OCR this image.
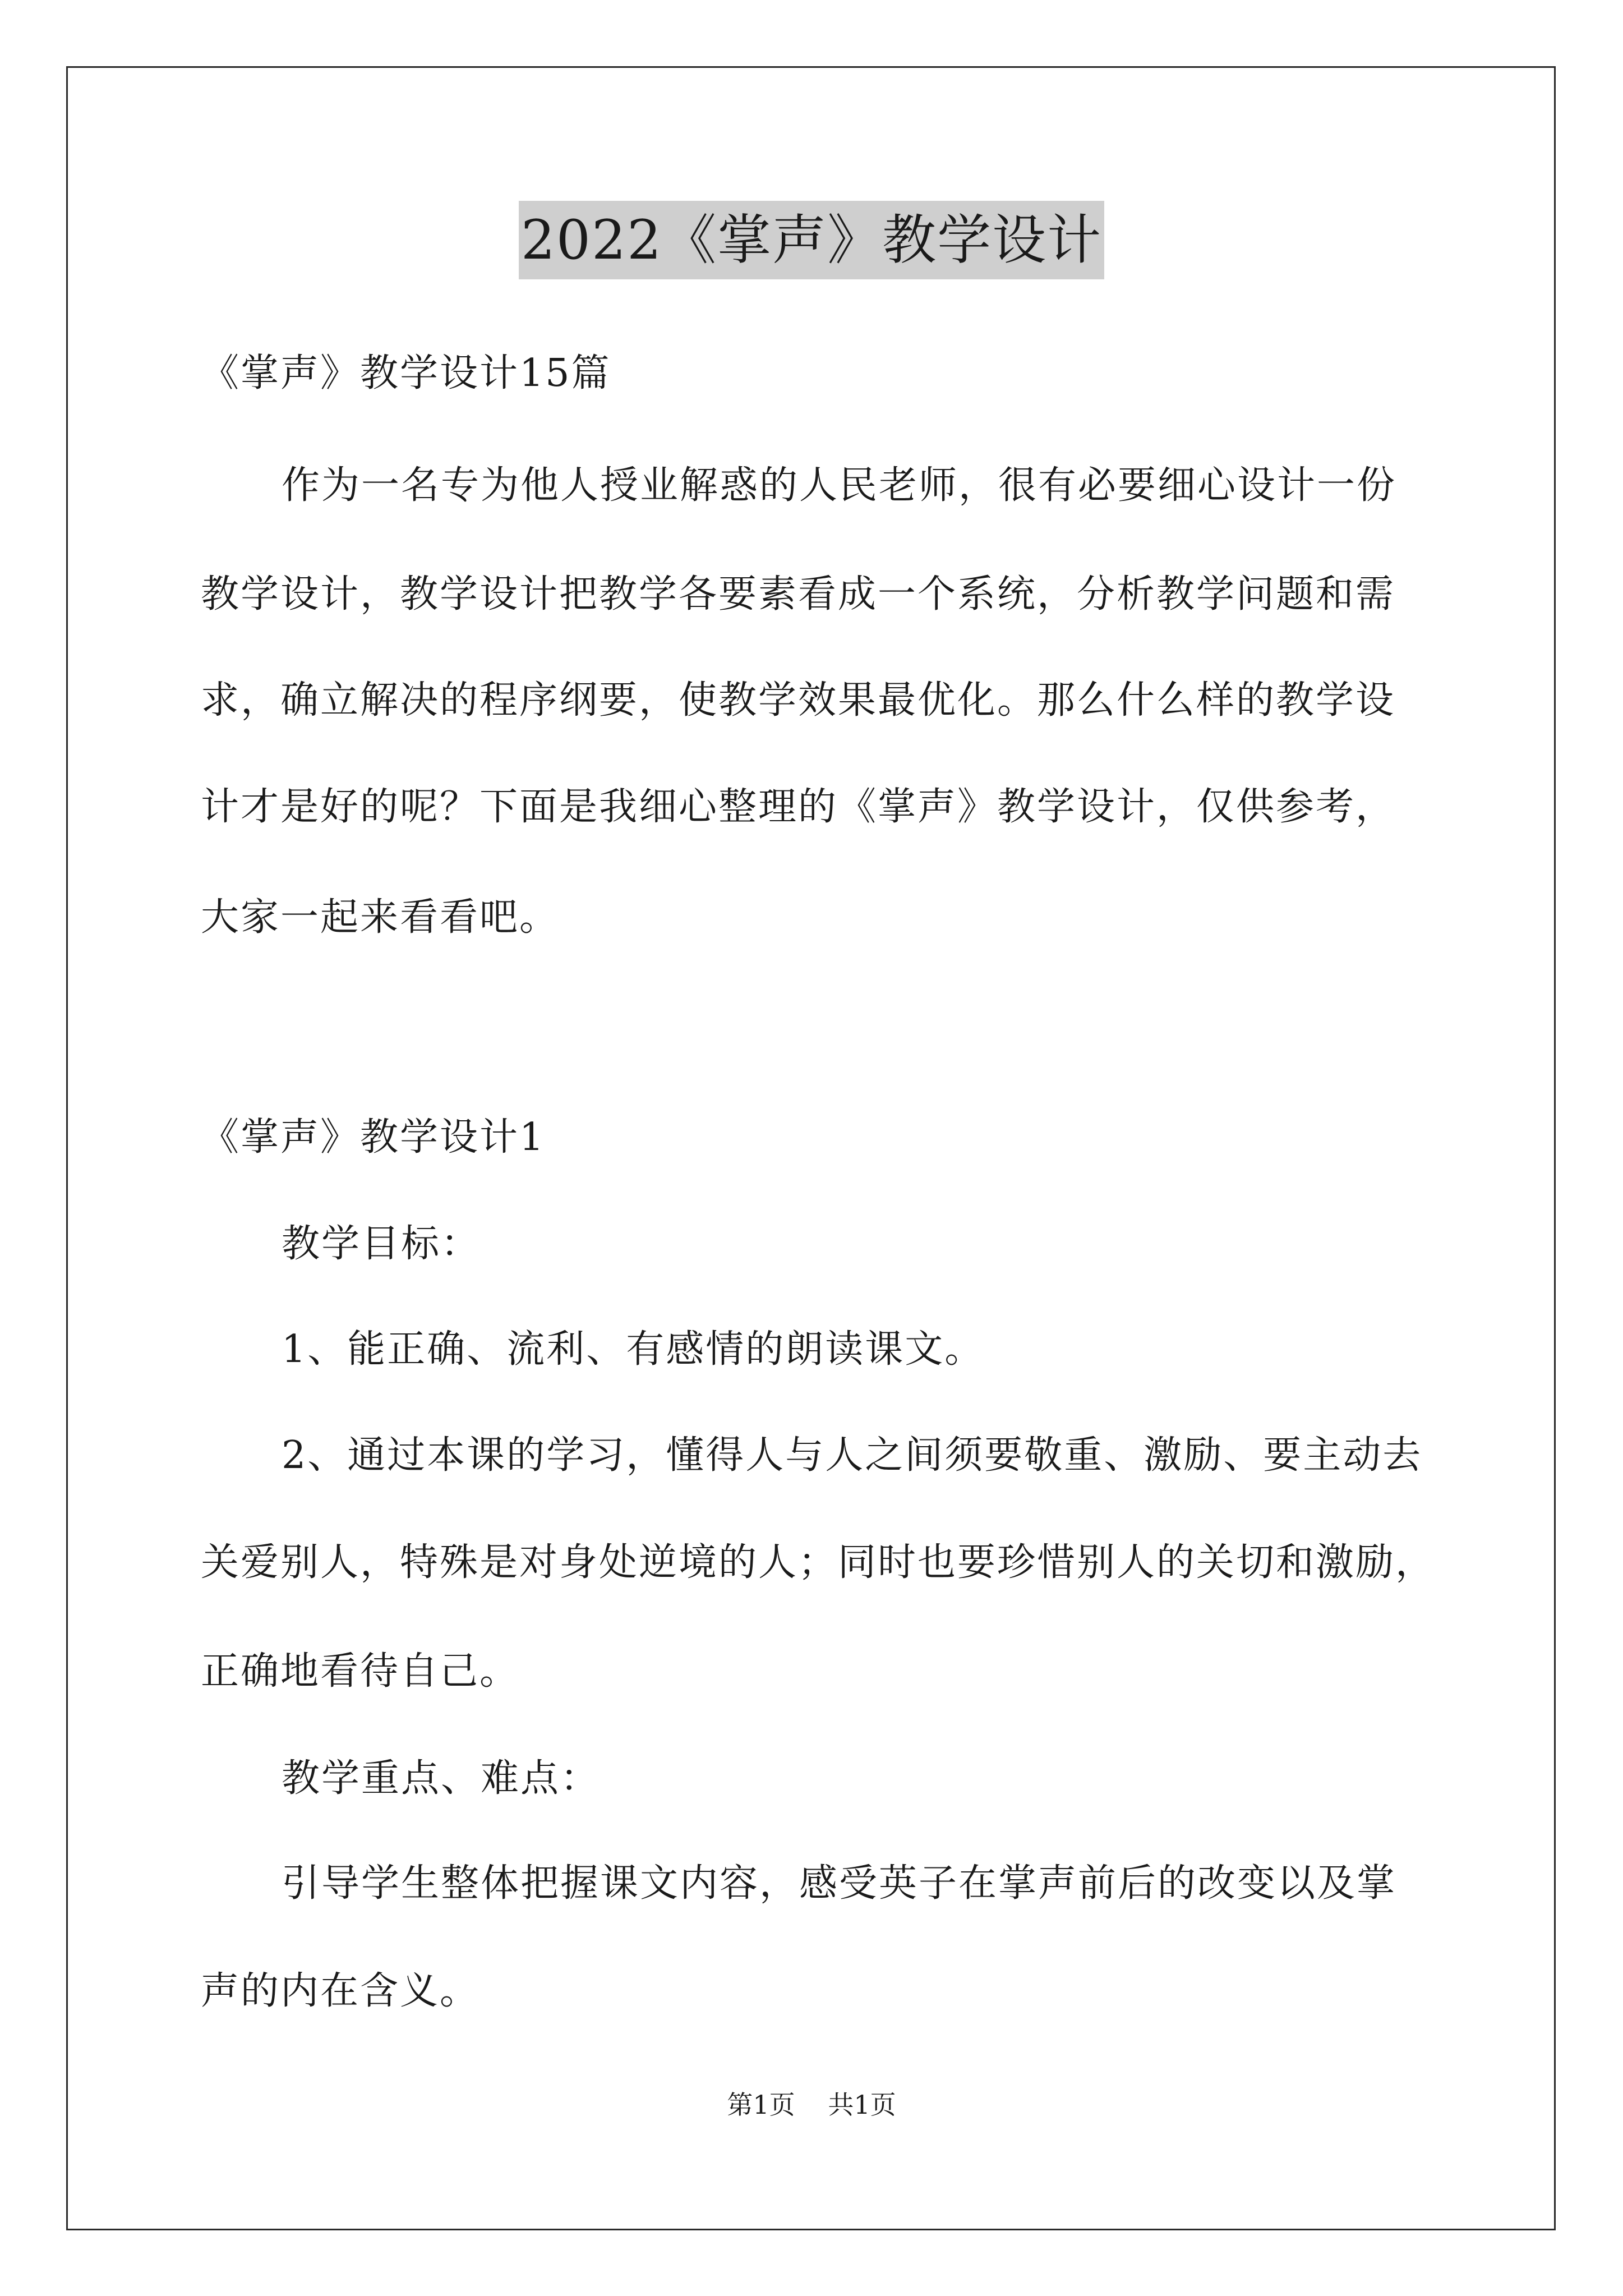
2022《掌声》教学设计
《掌声》教学设计15篇
作为一名专为他人授业解惑的人民老师，很有必要细心设计一份
教学设计，教学设计把教学各要素看成一个系统，分析教学问题和需
求，确立解决的程序纲要，使教学效果最优化。那么什么样的教学设
计才是好的呢？下面是我细心整理的《掌声》教学设计，仅供参考，
大家一起来看看吧。
《掌声》教学设计1
教学目标：
1、能正确、流利、有感情的朗读课文。
2、通过本课的学习，懂得人与人之间须要敬重、激励、要主动去
关爱别人，特殊是对身处逆境的人；同时也要珍惜别人的关切和激励，
正确地看待自己。
教学重点、难点：
引导学生整体把握课文内容，感受英子在掌声前后的改变以及掌
声的内在含义。
第1页 共1页
